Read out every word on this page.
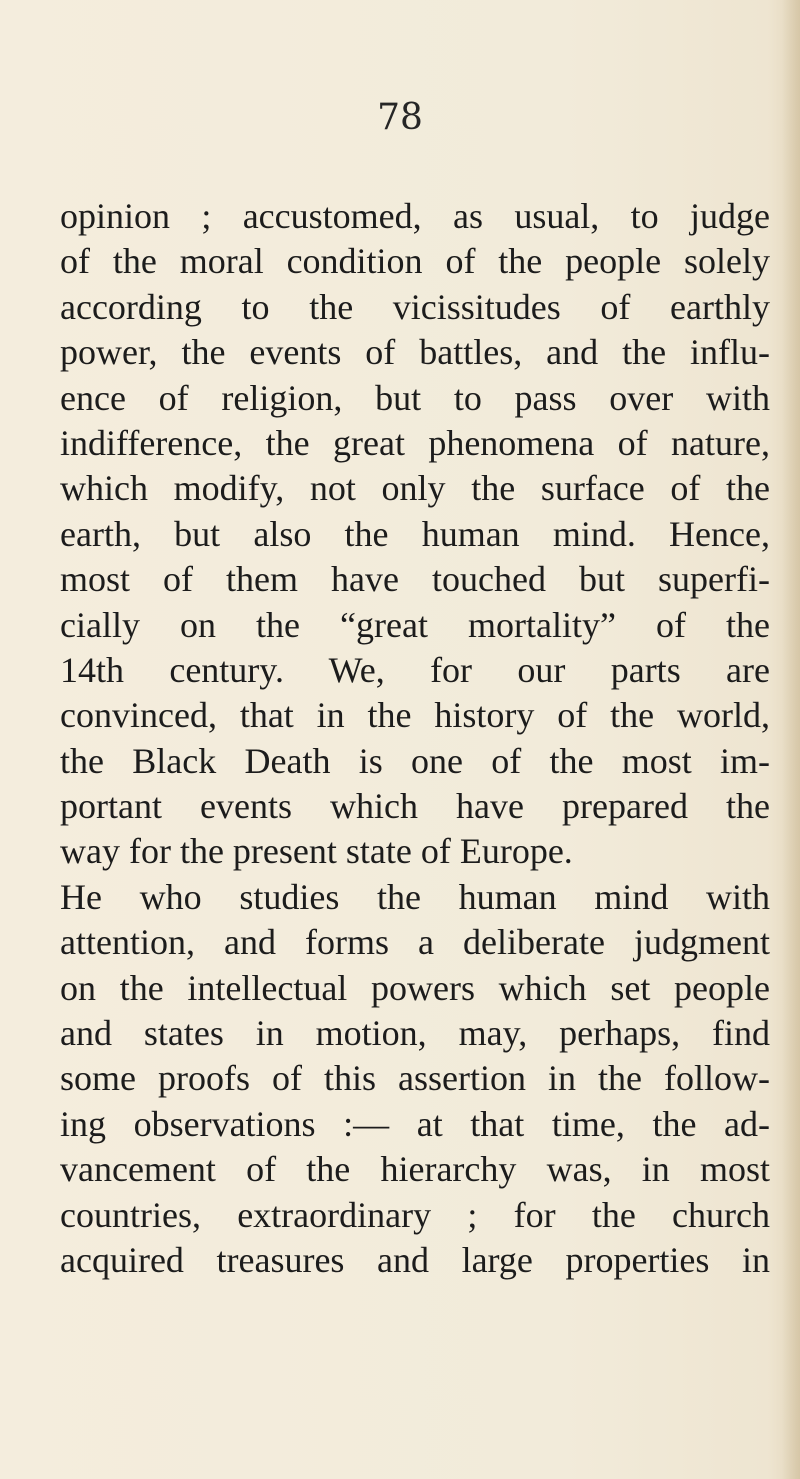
78
opinion ; accustomed, as usual, to judge
of the moral condition of the people solely
according to the vicissitudes of earthly
power, the events of battles, and the influ-
ence of religion, but to pass over with
indifference, the great phenomena of nature,
which modify, not only the surface of the
earth, but also the human mind. Hence,
most of them have touched but superfi-
cially on the “great mortality” of the
14th century. We, for our parts are
convinced, that in the history of the world,
the Black Death is one of the most im-
portant events which have prepared the
way for the present state of Europe.
He who studies the human mind with
attention, and forms a deliberate judgment
on the intellectual powers which set people
and states in motion, may, perhaps, find
some proofs of this assertion in the follow-
ing observations :— at that time, the ad-
vancement of the hierarchy was, in most
countries, extraordinary ; for the church
acquired treasures and large properties in
